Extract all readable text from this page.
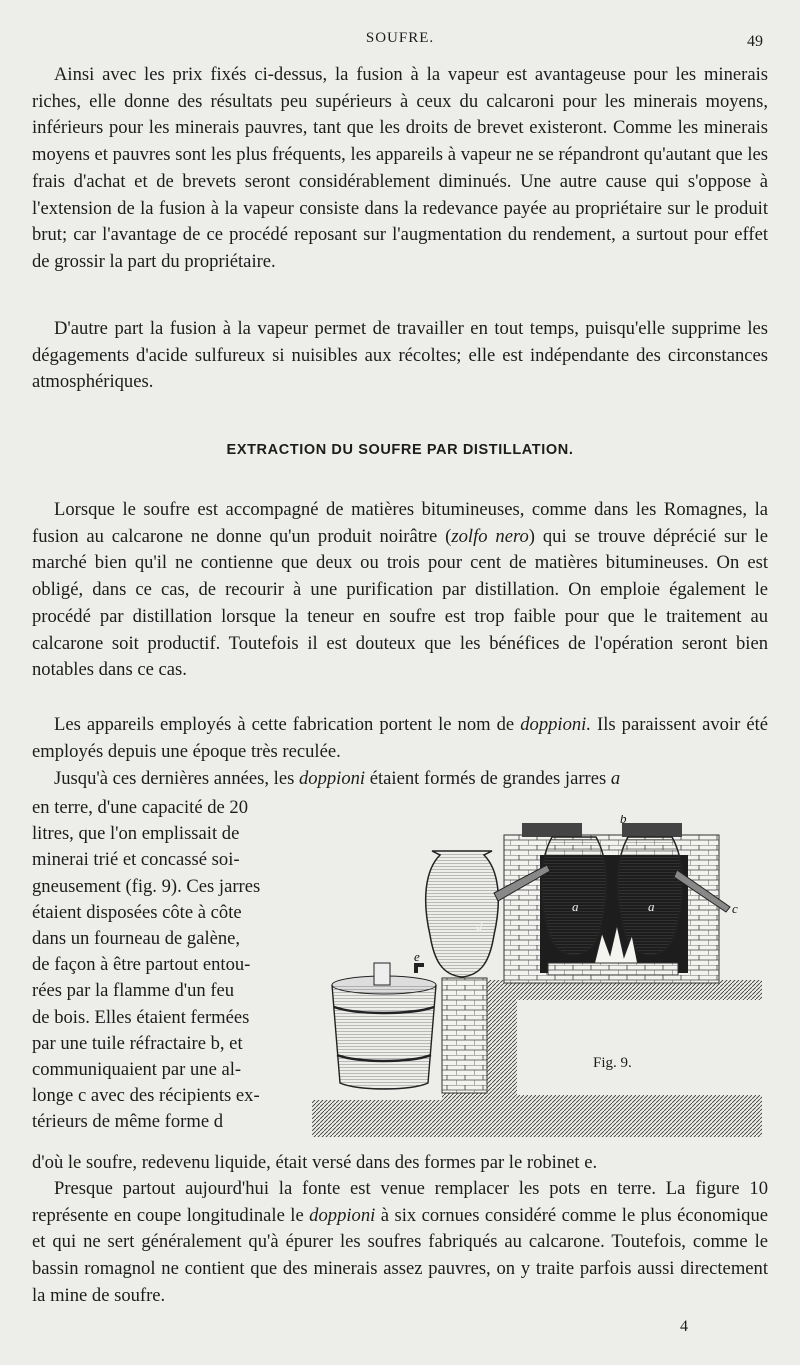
SOUFRE.	49

Ainsi avec les prix fixés ci-dessus, la fusion à la vapeur est avantageuse pour les minerais riches, elle donne des résultats peu supérieurs à ceux du calcaroni pour les minerais moyens, inférieurs pour les minerais pauvres, tant que les droits de brevet existeront. Comme les minerais moyens et pauvres sont les plus fréquents, les appareils à vapeur ne se répandront qu'autant que les frais d'achat et de brevets seront considérablement diminués. Une autre cause qui s'oppose à l'extension de la fusion à la vapeur consiste dans la redevance payée au propriétaire sur le produit brut; car l'avantage de ce procédé reposant sur l'augmentation du rendement, a surtout pour effet de grossir la part du propriétaire.

D'autre part la fusion à la vapeur permet de travailler en tout temps, puisqu'elle supprime les dégagements d'acide sulfureux si nuisibles aux récoltes; elle est indépendante des circonstances atmosphériques.

EXTRACTION DU SOUFRE PAR DISTILLATION.

Lorsque le soufre est accompagné de matières bitumineuses, comme dans les Romagnes, la fusion au calcarone ne donne qu'un produit noirâtre (zolfo nero) qui se trouve déprécié sur le marché bien qu'il ne contienne que deux ou trois pour cent de matières bitumineuses. On est obligé, dans ce cas, de recourir à une purification par distillation. On emploie également le procédé par distillation lorsque la teneur en soufre est trop faible pour que le traitement au calcarone soit productif. Toutefois il est douteux que les bénéfices de l'opération seront bien notables dans ce cas.

Les appareils employés à cette fabrication portent le nom de doppioni. Ils paraissent avoir été employés depuis une époque très reculée.

Jusqu'à ces dernières années, les doppioni étaient formés de grandes jarres a

en terre, d'une capacité de 20
litres, que l'on emplissait de
minerai trié et concassé soi-
gneusement (fig. 9). Ces jarres
étaient disposées côte à côte
dans un fourneau de galène,
de façon à être partout entou-
rées par la flamme d'un feu
de bois. Elles étaient fermées
par une tuile réfractaire b, et
communiquaient par une al-
longe c avec des récipients ex-
térieurs de même forme d

b
a	a	c
d
e
Fig. 9.

d'où le soufre, redevenu liquide, était versé dans des formes par le robinet e.

Presque partout aujourd'hui la fonte est venue remplacer les pots en terre. La figure 10 représente en coupe longitudinale le doppioni à six cornues considéré comme le plus économique et qui ne sert généralement qu'à épurer les soufres fabriqués au calcarone. Toutefois, comme le bassin romagnol ne contient que des minerais assez pauvres, on y traite parfois aussi directement la mine de soufre.

4
